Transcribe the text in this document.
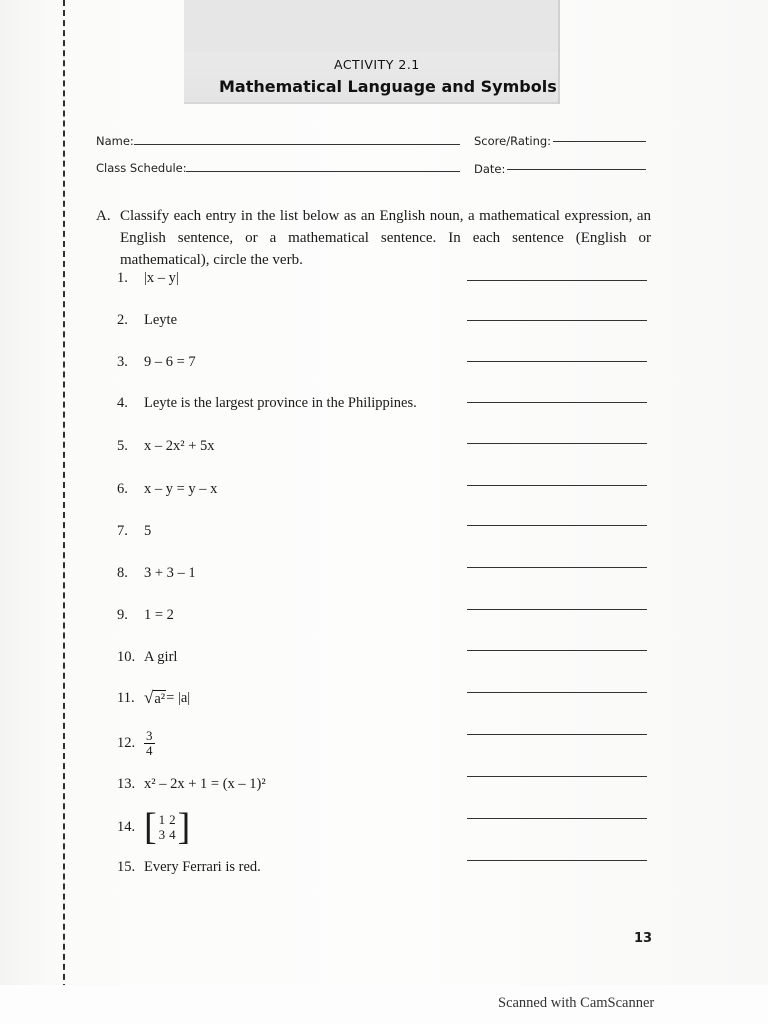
ACTIVITY 2.1
Mathematical Language and Symbols
Name:	Score/Rating:
Class Schedule:	Date:
A. Classify each entry in the list below as an English noun, a mathematical expression, an English sentence, or a mathematical sentence. In each sentence (English or mathematical), circle the verb.
1.	|x – y|
2.	Leyte
3.	9 – 6 = 7
4.	Leyte is the largest province in the Philippines.
5.	x – 2x² + 5x
6.	x – y = y – x
7.	5
8.	3 + 3 – 1
9.	1 = 2
10. A girl
11. √ a² = |a|
12. $\frac{3}{4}$
13. x² – 2x + 1 = (x – 1)²
14. [ 1	2
3	4 ]
15. Every Ferrari is red.
13
Scanned with CamScanner
